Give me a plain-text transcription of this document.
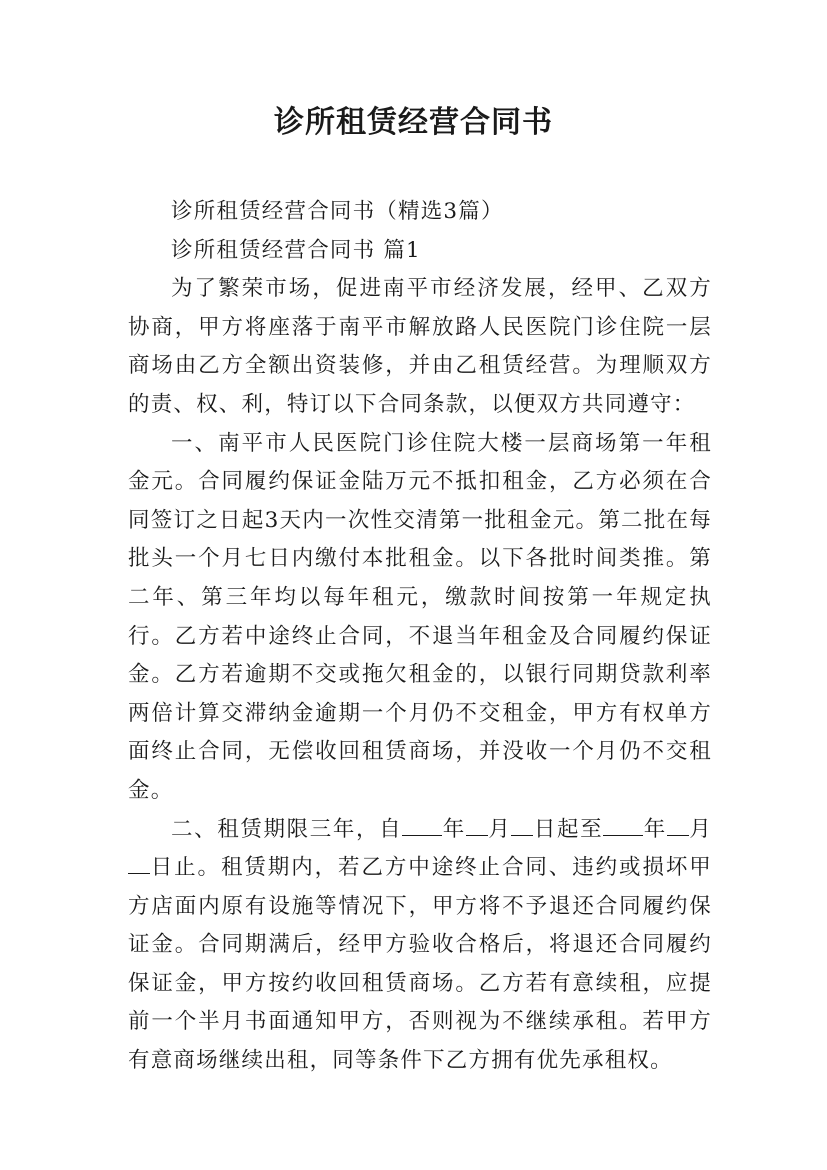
诊所租赁经营合同书

诊所租赁经营合同书（精选3篇）

诊所租赁经营合同书 篇1

为了繁荣市场，促进南平市经济发展，经甲、乙双方协商，甲方将座落于南平市解放路人民医院门诊住院一层商场由乙方全额出资装修，并由乙租赁经营。为理顺双方的责、权、利，特订以下合同条款，以便双方共同遵守：

一、南平市人民医院门诊住院大楼一层商场第一年租金元。合同履约保证金陆万元不抵扣租金，乙方必须在合同签订之日起3天内一次性交清第一批租金元。第二批在每批头一个月七日内缴付本批租金。以下各批时间类推。第二年、第三年均以每年租元，缴款时间按第一年规定执行。乙方若中途终止合同，不退当年租金及合同履约保证金。乙方若逾期不交或拖欠租金的，以银行同期贷款利率两倍计算交滞纳金逾期一个月仍不交租金，甲方有权单方面终止合同，无偿收回租赁商场，并没收一个月仍不交租金。

二、租赁期限三年，自 年 月 日起至 年 月日止。租赁期内，若乙方中途终止合同、违约或损坏甲方店面内原有设施等情况下，甲方将不予退还合同履约保证金。合同期满后，经甲方验收合格后，将退还合同履约保证金，甲方按约收回租赁商场。乙方若有意续租，应提前一个半月书面通知甲方，否则视为不继续承租。若甲方有意商场继续出租，同等条件下乙方拥有优先承租权。
